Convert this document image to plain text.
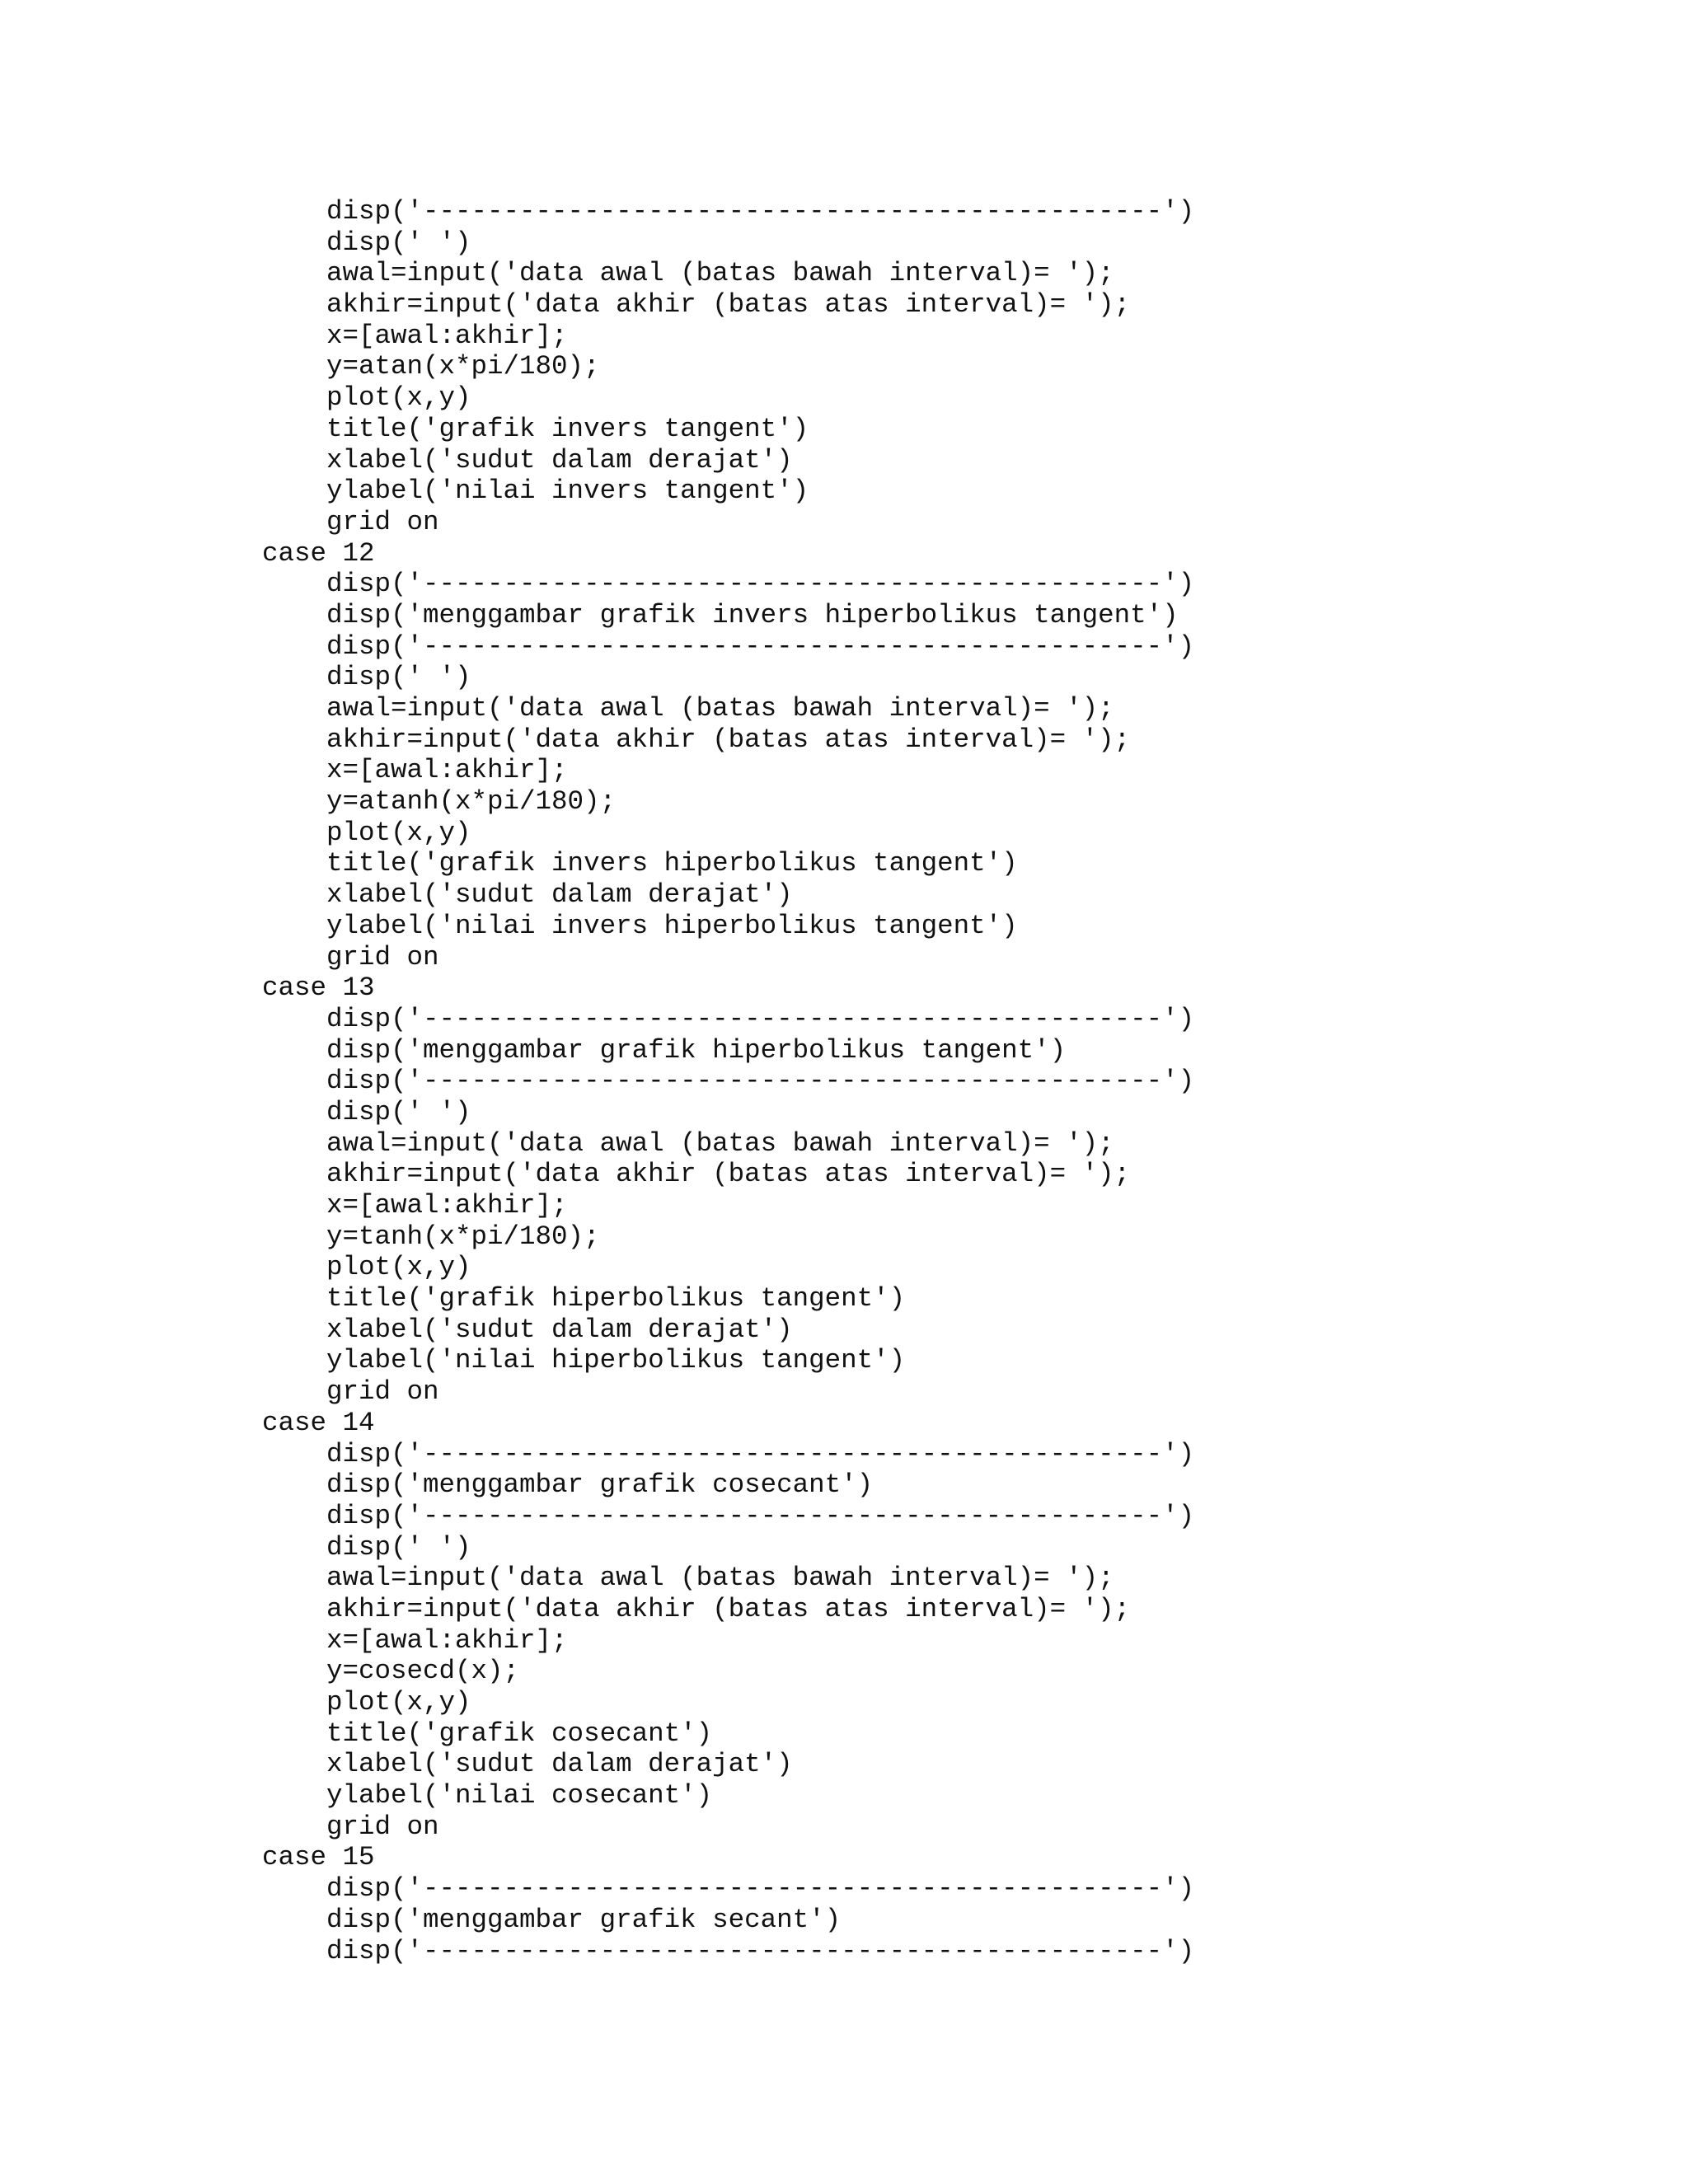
disp('----------------------------------------------')
disp(' ')
awal=input('data awal (batas bawah interval)= ');
akhir=input('data akhir (batas atas interval)= ');
x=[awal:akhir];
y=atan(x*pi/180);
plot(x,y)
title('grafik invers tangent')
xlabel('sudut dalam derajat')
ylabel('nilai invers tangent')
grid on
case 12
disp('----------------------------------------------')
disp('menggambar grafik invers hiperbolikus tangent')
disp('----------------------------------------------')
disp(' ')
awal=input('data awal (batas bawah interval)= ');
akhir=input('data akhir (batas atas interval)= ');
x=[awal:akhir];
y=atanh(x*pi/180);
plot(x,y)
title('grafik invers hiperbolikus tangent')
xlabel('sudut dalam derajat')
ylabel('nilai invers hiperbolikus tangent')
grid on
case 13
disp('----------------------------------------------')
disp('menggambar grafik hiperbolikus tangent')
disp('----------------------------------------------')
disp(' ')
awal=input('data awal (batas bawah interval)= ');
akhir=input('data akhir (batas atas interval)= ');
x=[awal:akhir];
y=tanh(x*pi/180);
plot(x,y)
title('grafik hiperbolikus tangent')
xlabel('sudut dalam derajat')
ylabel('nilai hiperbolikus tangent')
grid on
case 14
disp('----------------------------------------------')
disp('menggambar grafik cosecant')
disp('----------------------------------------------')
disp(' ')
awal=input('data awal (batas bawah interval)= ');
akhir=input('data akhir (batas atas interval)= ');
x=[awal:akhir];
y=cosecd(x);
plot(x,y)
title('grafik cosecant')
xlabel('sudut dalam derajat')
ylabel('nilai cosecant')
grid on
case 15
disp('----------------------------------------------')
disp('menggambar grafik secant')
disp('----------------------------------------------')
